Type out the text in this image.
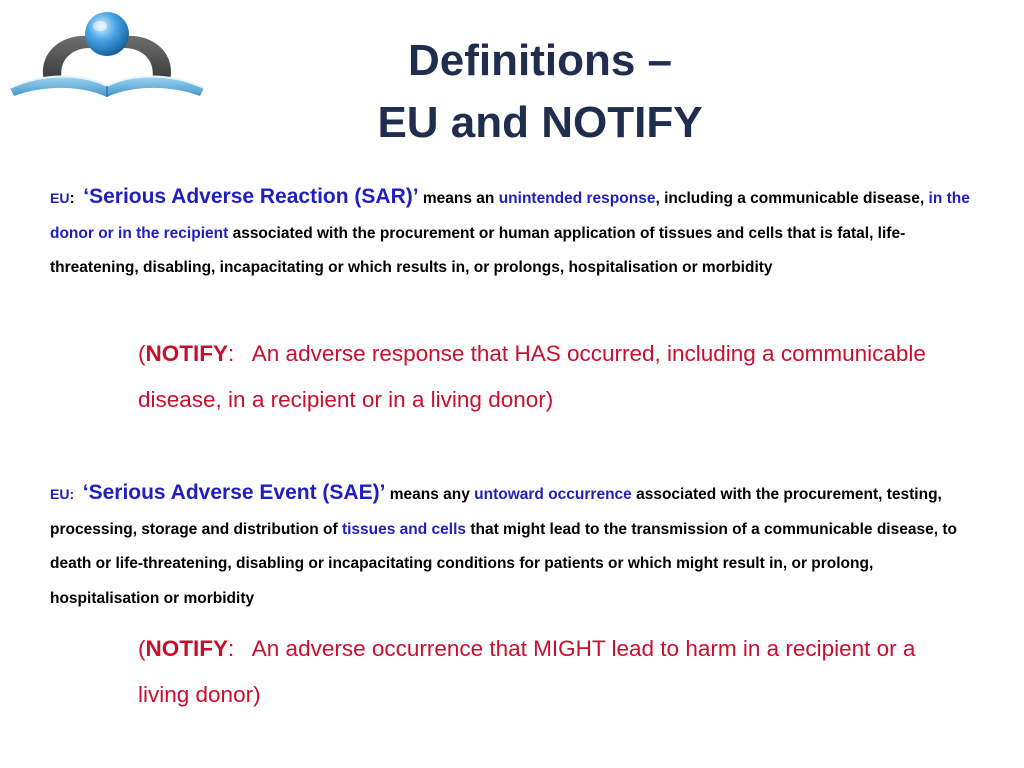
Definitions –
EU and NOTIFY
EU: ‘Serious Adverse Reaction (SAR)’ means an unintended response, including a communicable disease, in the donor or in the recipient associated with the procurement or human application of tissues and cells that is fatal, life-threatening, disabling, incapacitating or which results in, or prolongs, hospitalisation or morbidity
(NOTIFY:   An adverse response that HAS occurred, including a communicable disease, in a recipient or in a living donor)
EU: ‘Serious Adverse Event (SAE)’ means any untoward occurrence associated with the procurement, testing, processing, storage and distribution of tissues and cells that might lead to the transmission of a communicable disease, to death or life-threatening, disabling or incapacitating conditions for patients or which might result in, or prolong, hospitalisation or morbidity
(NOTIFY:   An adverse occurrence that MIGHT lead to harm in a recipient or a living donor)
